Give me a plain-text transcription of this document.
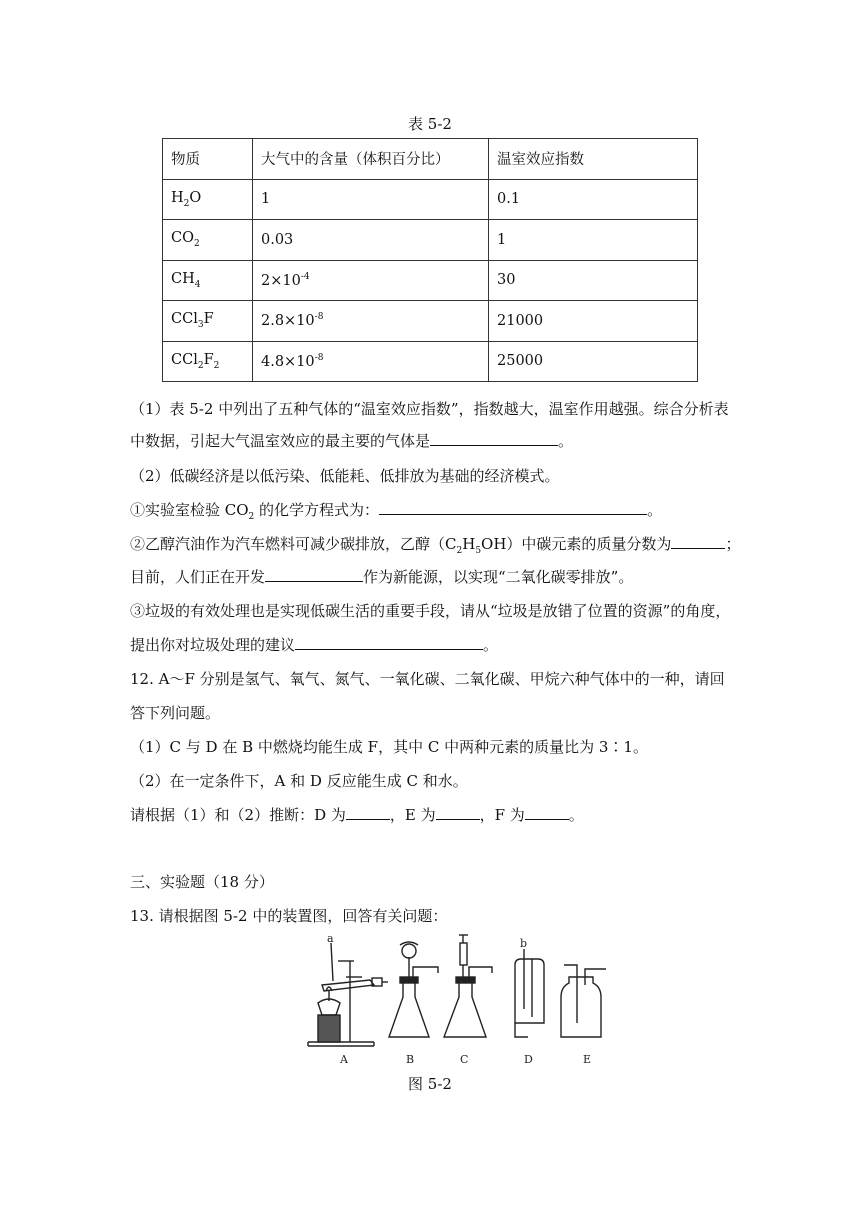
表 5-2
物质	大气中的含量（体积百分比）	温室效应指数
$H_2O$	1	0.1
$CO_2$	0.03	1
$CH_4$	$2\times 10^{-4}$	30
CCl$_3$F	$2.8\times 10^{-8}$	21000
$CCl_2F_2$	$4.8\times 10^{-8}$	25000
（1）表 5-2 中列出了五种气体的“温室效应指数”，指数越大，温室作用越强。综合分析表
中数据，引起大气温室效应的最主要的气体是	。
（2）低碳经济是以低污染、低能耗、低排放为基础的经济模式。
①实验室检验 $CO_2$ 的化学方程式为：	。
②乙醇汽油作为汽车燃料可减少碳排放，乙醇$(C_2H_5OH)$中碳元素的质量分数为	；
目前，人们正在开发	作为新能源，以实现“二氧化碳零排放”。
③垃圾的有效处理也是实现低碳生活的重要手段，请从“垃圾是放错了位置的资源”的角度，
提出你对垃圾处理的建议	。
12. A～F 分别是氢气、氧气、氮气、一氧化碳、二氧化碳、甲烷六种气体中的一种，请回
答下列问题。
（1）C 与 D 在 B 中燃烧均能生成 F，其中 C 中两种元素的质量比为 3∶1。
（2）在一定条件下，A 和 D 反应能生成 C 和水。
请根据（1）和（2）推断：D 为	，E 为	，F 为	。
三、实验题（18 分）
13. 请根据图 5-2 中的装置图，回答有关问题：
a	b
A	B	C	D	E
图 5-2
